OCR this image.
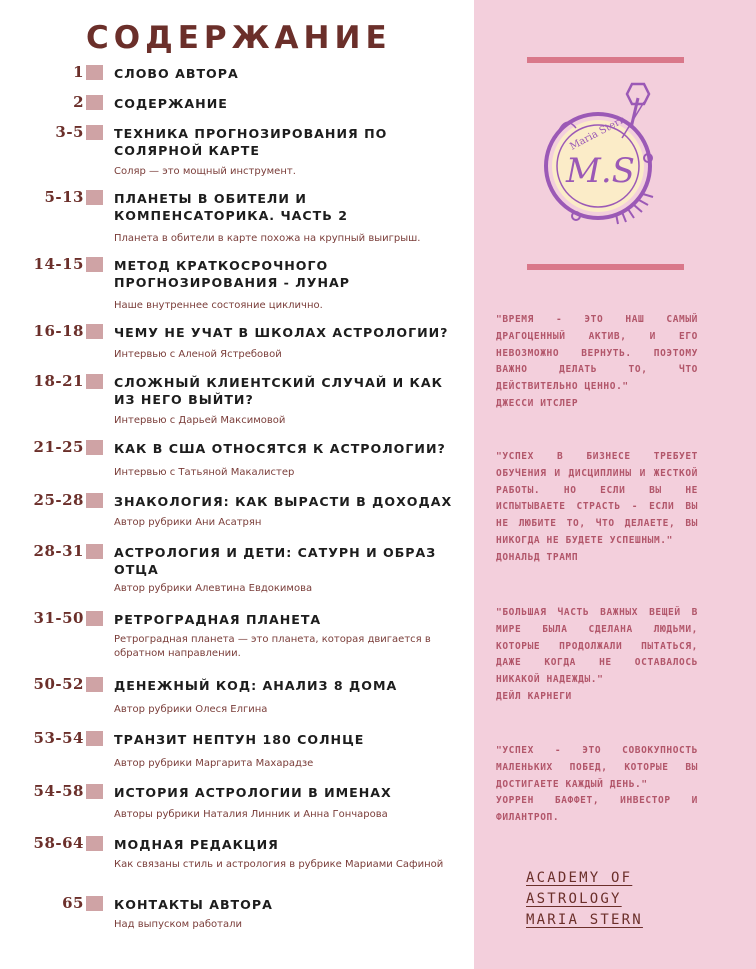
СОДЕРЖАНИЕ
1 СЛОВО АВТОРА
2 СОДЕРЖАНИЕ
3-5 ТЕХНИКА ПРОГНОЗИРОВАНИЯ ПО СОЛЯРНОЙ КАРТЕ
Соляр — это мощный инструмент.
5-13 ПЛАНЕТЫ В ОБИТЕЛИ И КОМПЕНСАТОРИКА. ЧАСТЬ 2
Планета в обители в карте похожа на крупный выигрыш.
14-15 МЕТОД КРАТКОСРОЧНОГО ПРОГНОЗИРОВАНИЯ - ЛУНАР
Наше внутреннее состояние циклично.
16-18 ЧЕМУ НЕ УЧАТ В ШКОЛАХ АСТРОЛОГИИ?
Интервью с Аленой Ястребовой
18-21 СЛОЖНЫЙ КЛИЕНТСКИЙ СЛУЧАЙ И КАК ИЗ НЕГО ВЫЙТИ?
Интервью с Дарьей Максимовой
21-25 КАК В США ОТНОСЯТСЯ К АСТРОЛОГИИ?
Интервью с Татьяной Макалистер
25-28 ЗНАКОЛОГИЯ: КАК ВЫРАСТИ В ДОХОДАХ
Автор рубрики Ани Асатрян
28-31 АСТРОЛОГИЯ И ДЕТИ: САТУРН И ОБРАЗ ОТЦА
Автор рубрики Алевтина Евдокимова
31-50 РЕТРОГРАДНАЯ ПЛАНЕТА
Ретроградная планета — это планета, которая двигается в обратном направлении.
50-52 ДЕНЕЖНЫЙ КОД: АНАЛИЗ 8 ДОМА
Автор рубрики Олеся Елгина
53-54 ТРАНЗИТ НЕПТУН 180 СОЛНЦЕ
Автор рубрики Маргарита Махарадзе
54-58 ИСТОРИЯ АСТРОЛОГИИ В ИМЕНАХ
Авторы рубрики Наталия Линник и Анна Гончарова
58-64 МОДНАЯ РЕДАКЦИЯ
Как связаны стиль и астрология в рубрике Мариами Сафиной
65 КОНТАКТЫ АВТОРА
Над выпуском работали
Maria Stern
M.S
"ВРЕМЯ - ЭТО НАШ САМЫЙ ДРАГОЦЕННЫЙ АКТИВ, И ЕГО НЕВОЗМОЖНО ВЕРНУТЬ. ПОЭТОМУ ВАЖНО ДЕЛАТЬ ТО, ЧТО ДЕЙСТВИТЕЛЬНО ЦЕННО."
ДЖЕССИ ИТСЛЕР
"УСПЕХ В БИЗНЕСЕ ТРЕБУЕТ ОБУЧЕНИЯ И ДИСЦИПЛИНЫ И ЖЕСТКОЙ РАБОТЫ. НО ЕСЛИ ВЫ НЕ ИСПЫТЫВАЕТЕ СТРАСТЬ - ЕСЛИ ВЫ НЕ ЛЮБИТЕ ТО, ЧТО ДЕЛАЕТЕ, ВЫ НИКОГДА НЕ БУДЕТЕ УСПЕШНЫМ."
ДОНАЛЬД ТРАМП
"БОЛЬШАЯ ЧАСТЬ ВАЖНЫХ ВЕЩЕЙ В МИРЕ БЫЛА СДЕЛАНА ЛЮДЬМИ, КОТОРЫЕ ПРОДОЛЖАЛИ ПЫТАТЬСЯ, ДАЖЕ КОГДА НЕ ОСТАВАЛОСЬ НИКАКОЙ НАДЕЖДЫ."
ДЕЙЛ КАРНЕГИ
"УСПЕХ - ЭТО СОВОКУПНОСТЬ МАЛЕНЬКИХ ПОБЕД, КОТОРЫЕ ВЫ ДОСТИГАЕТЕ КАЖДЫЙ ДЕНЬ."
УОРРЕН БАФФЕТ, ИНВЕСТОР И ФИЛАНТРОП.
ACADEMY OF
ASTROLOGY
MARIA STERN
